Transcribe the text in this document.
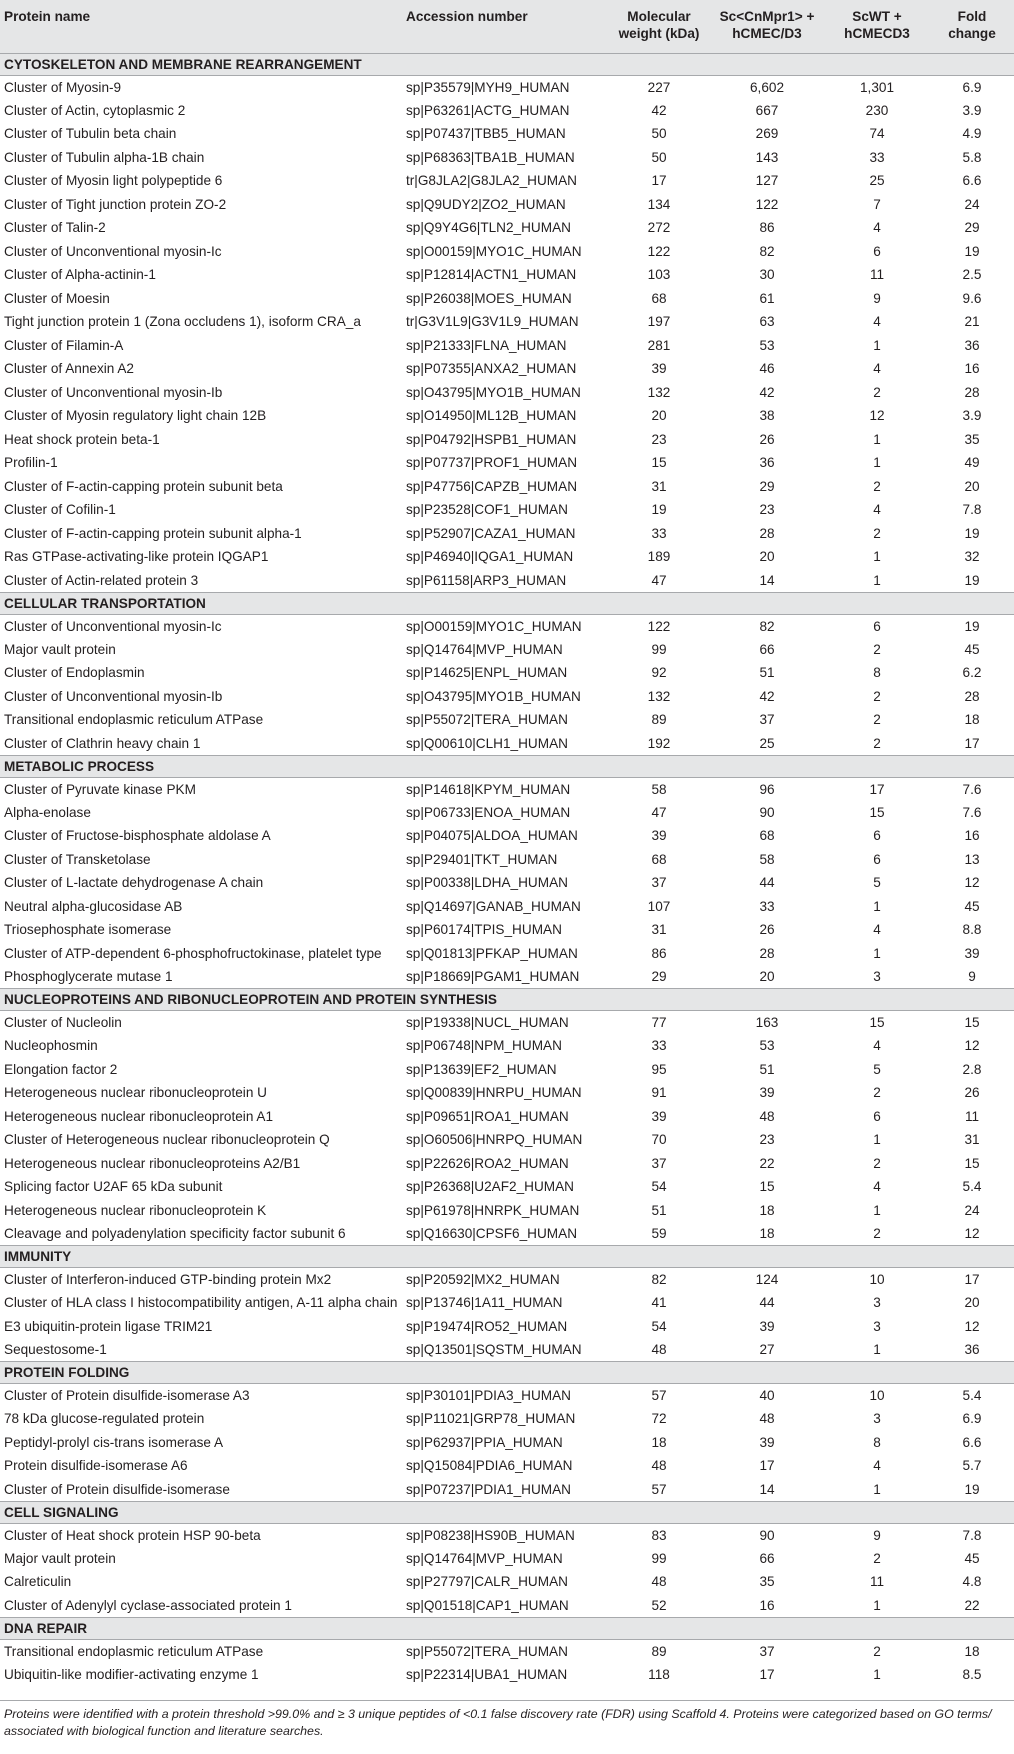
Protein name	Accession number	Molecular weight (kDa)	Sc<CnMpr1> + hCMEC/D3	ScWT + hCMECD3	Fold change
CYTOSKELETON AND MEMBRANE REARRANGEMENT					
Cluster of Myosin-9	sp|P35579|MYH9_HUMAN	227	6,602	1,301	6.9
Cluster of Actin, cytoplasmic 2	sp|P63261|ACTG_HUMAN	42	667	230	3.9
Cluster of Tubulin beta chain	sp|P07437|TBB5_HUMAN	50	269	74	4.9
Cluster of Tubulin alpha-1B chain	sp|P68363|TBA1B_HUMAN	50	143	33	5.8
Cluster of Myosin light polypeptide 6	tr|G8JLA2|G8JLA2_HUMAN	17	127	25	6.6
Cluster of Tight junction protein ZO-2	sp|Q9UDY2|ZO2_HUMAN	134	122	7	24
Cluster of Talin-2	sp|Q9Y4G6|TLN2_HUMAN	272	86	4	29
Cluster of Unconventional myosin-Ic	sp|O00159|MYO1C_HUMAN	122	82	6	19
Cluster of Alpha-actinin-1	sp|P12814|ACTN1_HUMAN	103	30	11	2.5
Cluster of Moesin	sp|P26038|MOES_HUMAN	68	61	9	9.6
Tight junction protein 1 (Zona occludens 1), isoform CRA_a	tr|G3V1L9|G3V1L9_HUMAN	197	63	4	21
Cluster of Filamin-A	sp|P21333|FLNA_HUMAN	281	53	1	36
Cluster of Annexin A2	sp|P07355|ANXA2_HUMAN	39	46	4	16
Cluster of Unconventional myosin-Ib	sp|O43795|MYO1B_HUMAN	132	42	2	28
Cluster of Myosin regulatory light chain 12B	sp|O14950|ML12B_HUMAN	20	38	12	3.9
Heat shock protein beta-1	sp|P04792|HSPB1_HUMAN	23	26	1	35
Profilin-1	sp|P07737|PROF1_HUMAN	15	36	1	49
Cluster of F-actin-capping protein subunit beta	sp|P47756|CAPZB_HUMAN	31	29	2	20
Cluster of Cofilin-1	sp|P23528|COF1_HUMAN	19	23	4	7.8
Cluster of F-actin-capping protein subunit alpha-1	sp|P52907|CAZA1_HUMAN	33	28	2	19
Ras GTPase-activating-like protein IQGAP1	sp|P46940|IQGA1_HUMAN	189	20	1	32
Cluster of Actin-related protein 3	sp|P61158|ARP3_HUMAN	47	14	1	19
CELLULAR TRANSPORTATION					
Cluster of Unconventional myosin-Ic	sp|O00159|MYO1C_HUMAN	122	82	6	19
Major vault protein	sp|Q14764|MVP_HUMAN	99	66	2	45
Cluster of Endoplasmin	sp|P14625|ENPL_HUMAN	92	51	8	6.2
Cluster of Unconventional myosin-Ib	sp|O43795|MYO1B_HUMAN	132	42	2	28
Transitional endoplasmic reticulum ATPase	sp|P55072|TERA_HUMAN	89	37	2	18
Cluster of Clathrin heavy chain 1	sp|Q00610|CLH1_HUMAN	192	25	2	17
METABOLIC PROCESS					
Cluster of Pyruvate kinase PKM	sp|P14618|KPYM_HUMAN	58	96	17	7.6
Alpha-enolase	sp|P06733|ENOA_HUMAN	47	90	15	7.6
Cluster of Fructose-bisphosphate aldolase A	sp|P04075|ALDOA_HUMAN	39	68	6	16
Cluster of Transketolase	sp|P29401|TKT_HUMAN	68	58	6	13
Cluster of L-lactate dehydrogenase A chain	sp|P00338|LDHA_HUMAN	37	44	5	12
Neutral alpha-glucosidase AB	sp|Q14697|GANAB_HUMAN	107	33	1	45
Triosephosphate isomerase	sp|P60174|TPIS_HUMAN	31	26	4	8.8
Cluster of ATP-dependent 6-phosphofructokinase, platelet type	sp|Q01813|PFKAP_HUMAN	86	28	1	39
Phosphoglycerate mutase 1	sp|P18669|PGAM1_HUMAN	29	20	3	9
NUCLEOPROTEINS AND RIBONUCLEOPROTEIN AND PROTEIN SYNTHESIS					
Cluster of Nucleolin	sp|P19338|NUCL_HUMAN	77	163	15	15
Nucleophosmin	sp|P06748|NPM_HUMAN	33	53	4	12
Elongation factor 2	sp|P13639|EF2_HUMAN	95	51	5	2.8
Heterogeneous nuclear ribonucleoprotein U	sp|Q00839|HNRPU_HUMAN	91	39	2	26
Heterogeneous nuclear ribonucleoprotein A1	sp|P09651|ROA1_HUMAN	39	48	6	11
Cluster of Heterogeneous nuclear ribonucleoprotein Q	sp|O60506|HNRPQ_HUMAN	70	23	1	31
Heterogeneous nuclear ribonucleoproteins A2/B1	sp|P22626|ROA2_HUMAN	37	22	2	15
Splicing factor U2AF 65 kDa subunit	sp|P26368|U2AF2_HUMAN	54	15	4	5.4
Heterogeneous nuclear ribonucleoprotein K	sp|P61978|HNRPK_HUMAN	51	18	1	24
Cleavage and polyadenylation specificity factor subunit 6	sp|Q16630|CPSF6_HUMAN	59	18	2	12
IMMUNITY					
Cluster of Interferon-induced GTP-binding protein Mx2	sp|P20592|MX2_HUMAN	82	124	10	17
Cluster of HLA class I histocompatibility antigen, A-11 alpha chain	sp|P13746|1A11_HUMAN	41	44	3	20
E3 ubiquitin-protein ligase TRIM21	sp|P19474|RO52_HUMAN	54	39	3	12
Sequestosome-1	sp|Q13501|SQSTM_HUMAN	48	27	1	36
PROTEIN FOLDING					
Cluster of Protein disulfide-isomerase A3	sp|P30101|PDIA3_HUMAN	57	40	10	5.4
78 kDa glucose-regulated protein	sp|P11021|GRP78_HUMAN	72	48	3	6.9
Peptidyl-prolyl cis-trans isomerase A	sp|P62937|PPIA_HUMAN	18	39	8	6.6
Protein disulfide-isomerase A6	sp|Q15084|PDIA6_HUMAN	48	17	4	5.7
Cluster of Protein disulfide-isomerase	sp|P07237|PDIA1_HUMAN	57	14	1	19
CELL SIGNALING					
Cluster of Heat shock protein HSP 90-beta	sp|P08238|HS90B_HUMAN	83	90	9	7.8
Major vault protein	sp|Q14764|MVP_HUMAN	99	66	2	45
Calreticulin	sp|P27797|CALR_HUMAN	48	35	11	4.8
Cluster of Adenylyl cyclase-associated protein 1	sp|Q01518|CAP1_HUMAN	52	16	1	22
DNA REPAIR					
Transitional endoplasmic reticulum ATPase	sp|P55072|TERA_HUMAN	89	37	2	18
Ubiquitin-like modifier-activating enzyme 1	sp|P22314|UBA1_HUMAN	118	17	1	8.5
Proteins were identified with a protein threshold >99.0% and ≥ 3 unique peptides of <0.1 false discovery rate (FDR) using Scaffold 4. Proteins were categorized based on GO terms/ associated with biological function and literature searches.
